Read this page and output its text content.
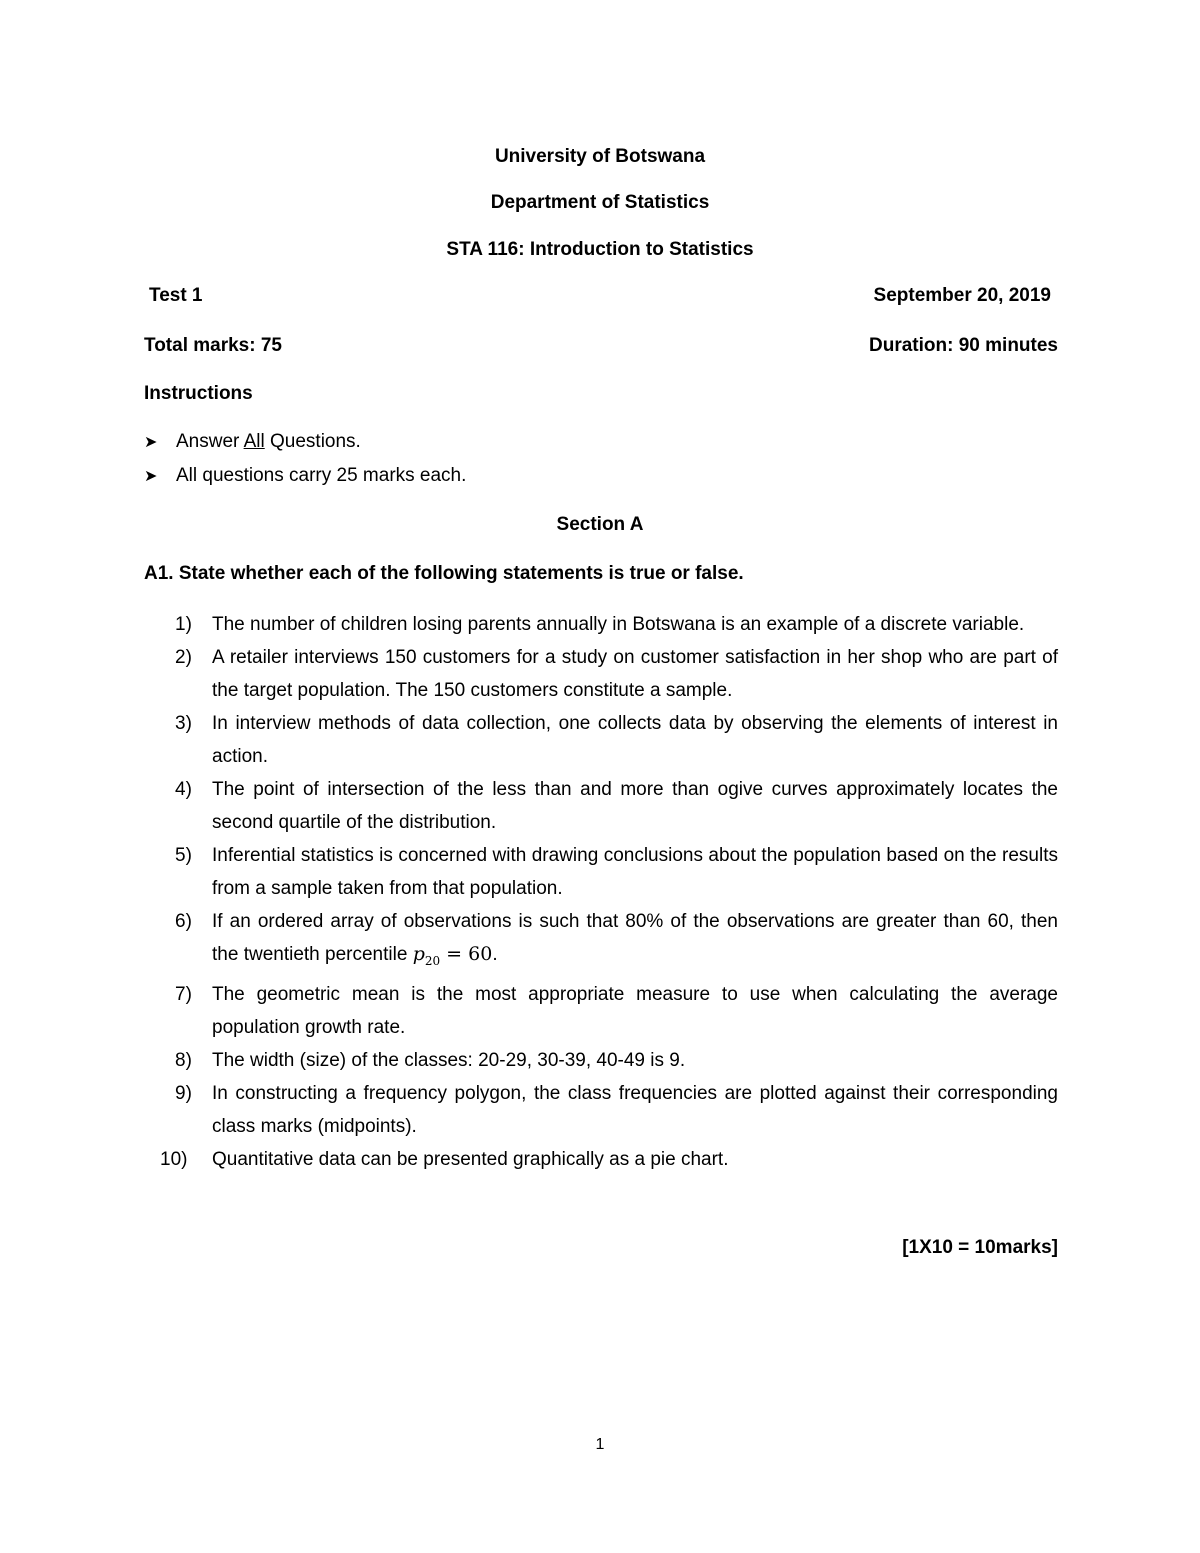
University of Botswana
Department of Statistics
STA 116: Introduction to Statistics
Test 1	September 20, 2019
Total marks: 75	Duration: 90 minutes
Instructions
➤ Answer All Questions.
➤ All questions carry 25 marks each.
Section A
A1. State whether each of the following statements is true or false.
1) The number of children losing parents annually in Botswana is an example of a discrete variable.
2) A retailer interviews 150 customers for a study on customer satisfaction in her shop who are part of the target population. The 150 customers constitute a sample.
3) In interview methods of data collection, one collects data by observing the elements of interest in action.
4) The point of intersection of the less than and more than ogive curves approximately locates the second quartile of the distribution.
5) Inferential statistics is concerned with drawing conclusions about the population based on the results from a sample taken from that population.
6) If an ordered array of observations is such that 80% of the observations are greater than 60, then the twentieth percentile $p_{20} = 60$.
7) The geometric mean is the most appropriate measure to use when calculating the average population growth rate.
8) The width (size) of the classes: 20-29, 30-39, 40-49 is 9.
9) In constructing a frequency polygon, the class frequencies are plotted against their corresponding class marks (midpoints).
10) Quantitative data can be presented graphically as a pie chart.
[1X10 = 10marks]
1
